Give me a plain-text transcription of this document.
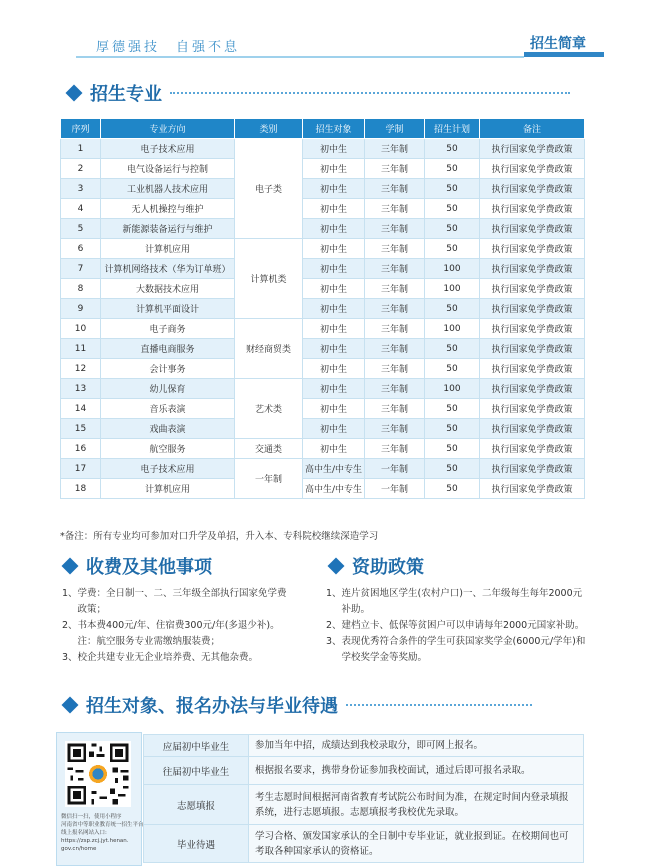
厚德强技 自强不息	招生简章
招生专业
序列	专业方向	类别	招生对象	学制	招生计划	备注
1	电子技术应用	电子类	初中生	三年制	50	执行国家免学费政策
2	电气设备运行与控制		初中生	三年制	50	执行国家免学费政策
3	工业机器人技术应用		初中生	三年制	50	执行国家免学费政策
4	无人机操控与维护		初中生	三年制	50	执行国家免学费政策
5	新能源装备运行与维护		初中生	三年制	50	执行国家免学费政策
6	计算机应用	计算机类	初中生	三年制	50	执行国家免学费政策
7	计算机网络技术（华为订单班）		初中生	三年制	100	执行国家免学费政策
8	大数据技术应用		初中生	三年制	100	执行国家免学费政策
9	计算机平面设计		初中生	三年制	50	执行国家免学费政策
10	电子商务	财经商贸类	初中生	三年制	100	执行国家免学费政策
11	直播电商服务		初中生	三年制	50	执行国家免学费政策
12	会计事务		初中生	三年制	50	执行国家免学费政策
13	幼儿保育	艺术类	初中生	三年制	100	执行国家免学费政策
14	音乐表演		初中生	三年制	50	执行国家免学费政策
15	戏曲表演		初中生	三年制	50	执行国家免学费政策
16	航空服务	交通类	初中生	三年制	50	执行国家免学费政策
17	电子技术应用	一年制	高中生/中专生	一年制	50	执行国家免学费政策
18	计算机应用		高中生/中专生	一年制	50	执行国家免学费政策
*备注：所有专业均可参加对口升学及单招，升入本、专科院校继续深造学习
收费及其他事项
1、 学费：全日制一、二、三年级全部执行国家免学费政策；
2、 书本费400元/年、住宿费300元/年(多退少补)。注：航空服务专业需缴纳服装费；
3、 校企共建专业无企业培养费、无其他杂费。
资助政策
1、 连片贫困地区学生(农村户口)一、二年级每生每年2000元补助。
2、 建档立卡、低保等贫困户可以申请每年2000元国家补助。
3、 表现优秀符合条件的学生可获国家奖学金(6000元/学年)和学校奖学金等奖励。
招生对象、报名办法与毕业待遇
微信扫一扫，使用小程序
河南省中等职业教育统一招生平台
线上报名网站入口:
https://zsp.zcj.jyt.henan.
gov.cn/home
应届初中毕业生	参加当年中招，成绩达到我校录取分，即可网上报名。
往届初中毕业生	根据报名要求，携带身份证参加我校面试，通过后即可报名录取。
志愿填报	考生志愿时间根据河南省教育考试院公布时间为准，在规定时间内登录填报系统，进行志愿填报。志愿填报考我校优先录取。
毕业待遇	学习合格、颁发国家承认的全日制中专毕业证，就业报到证。在校期间也可考取各种国家承认的资格证。
